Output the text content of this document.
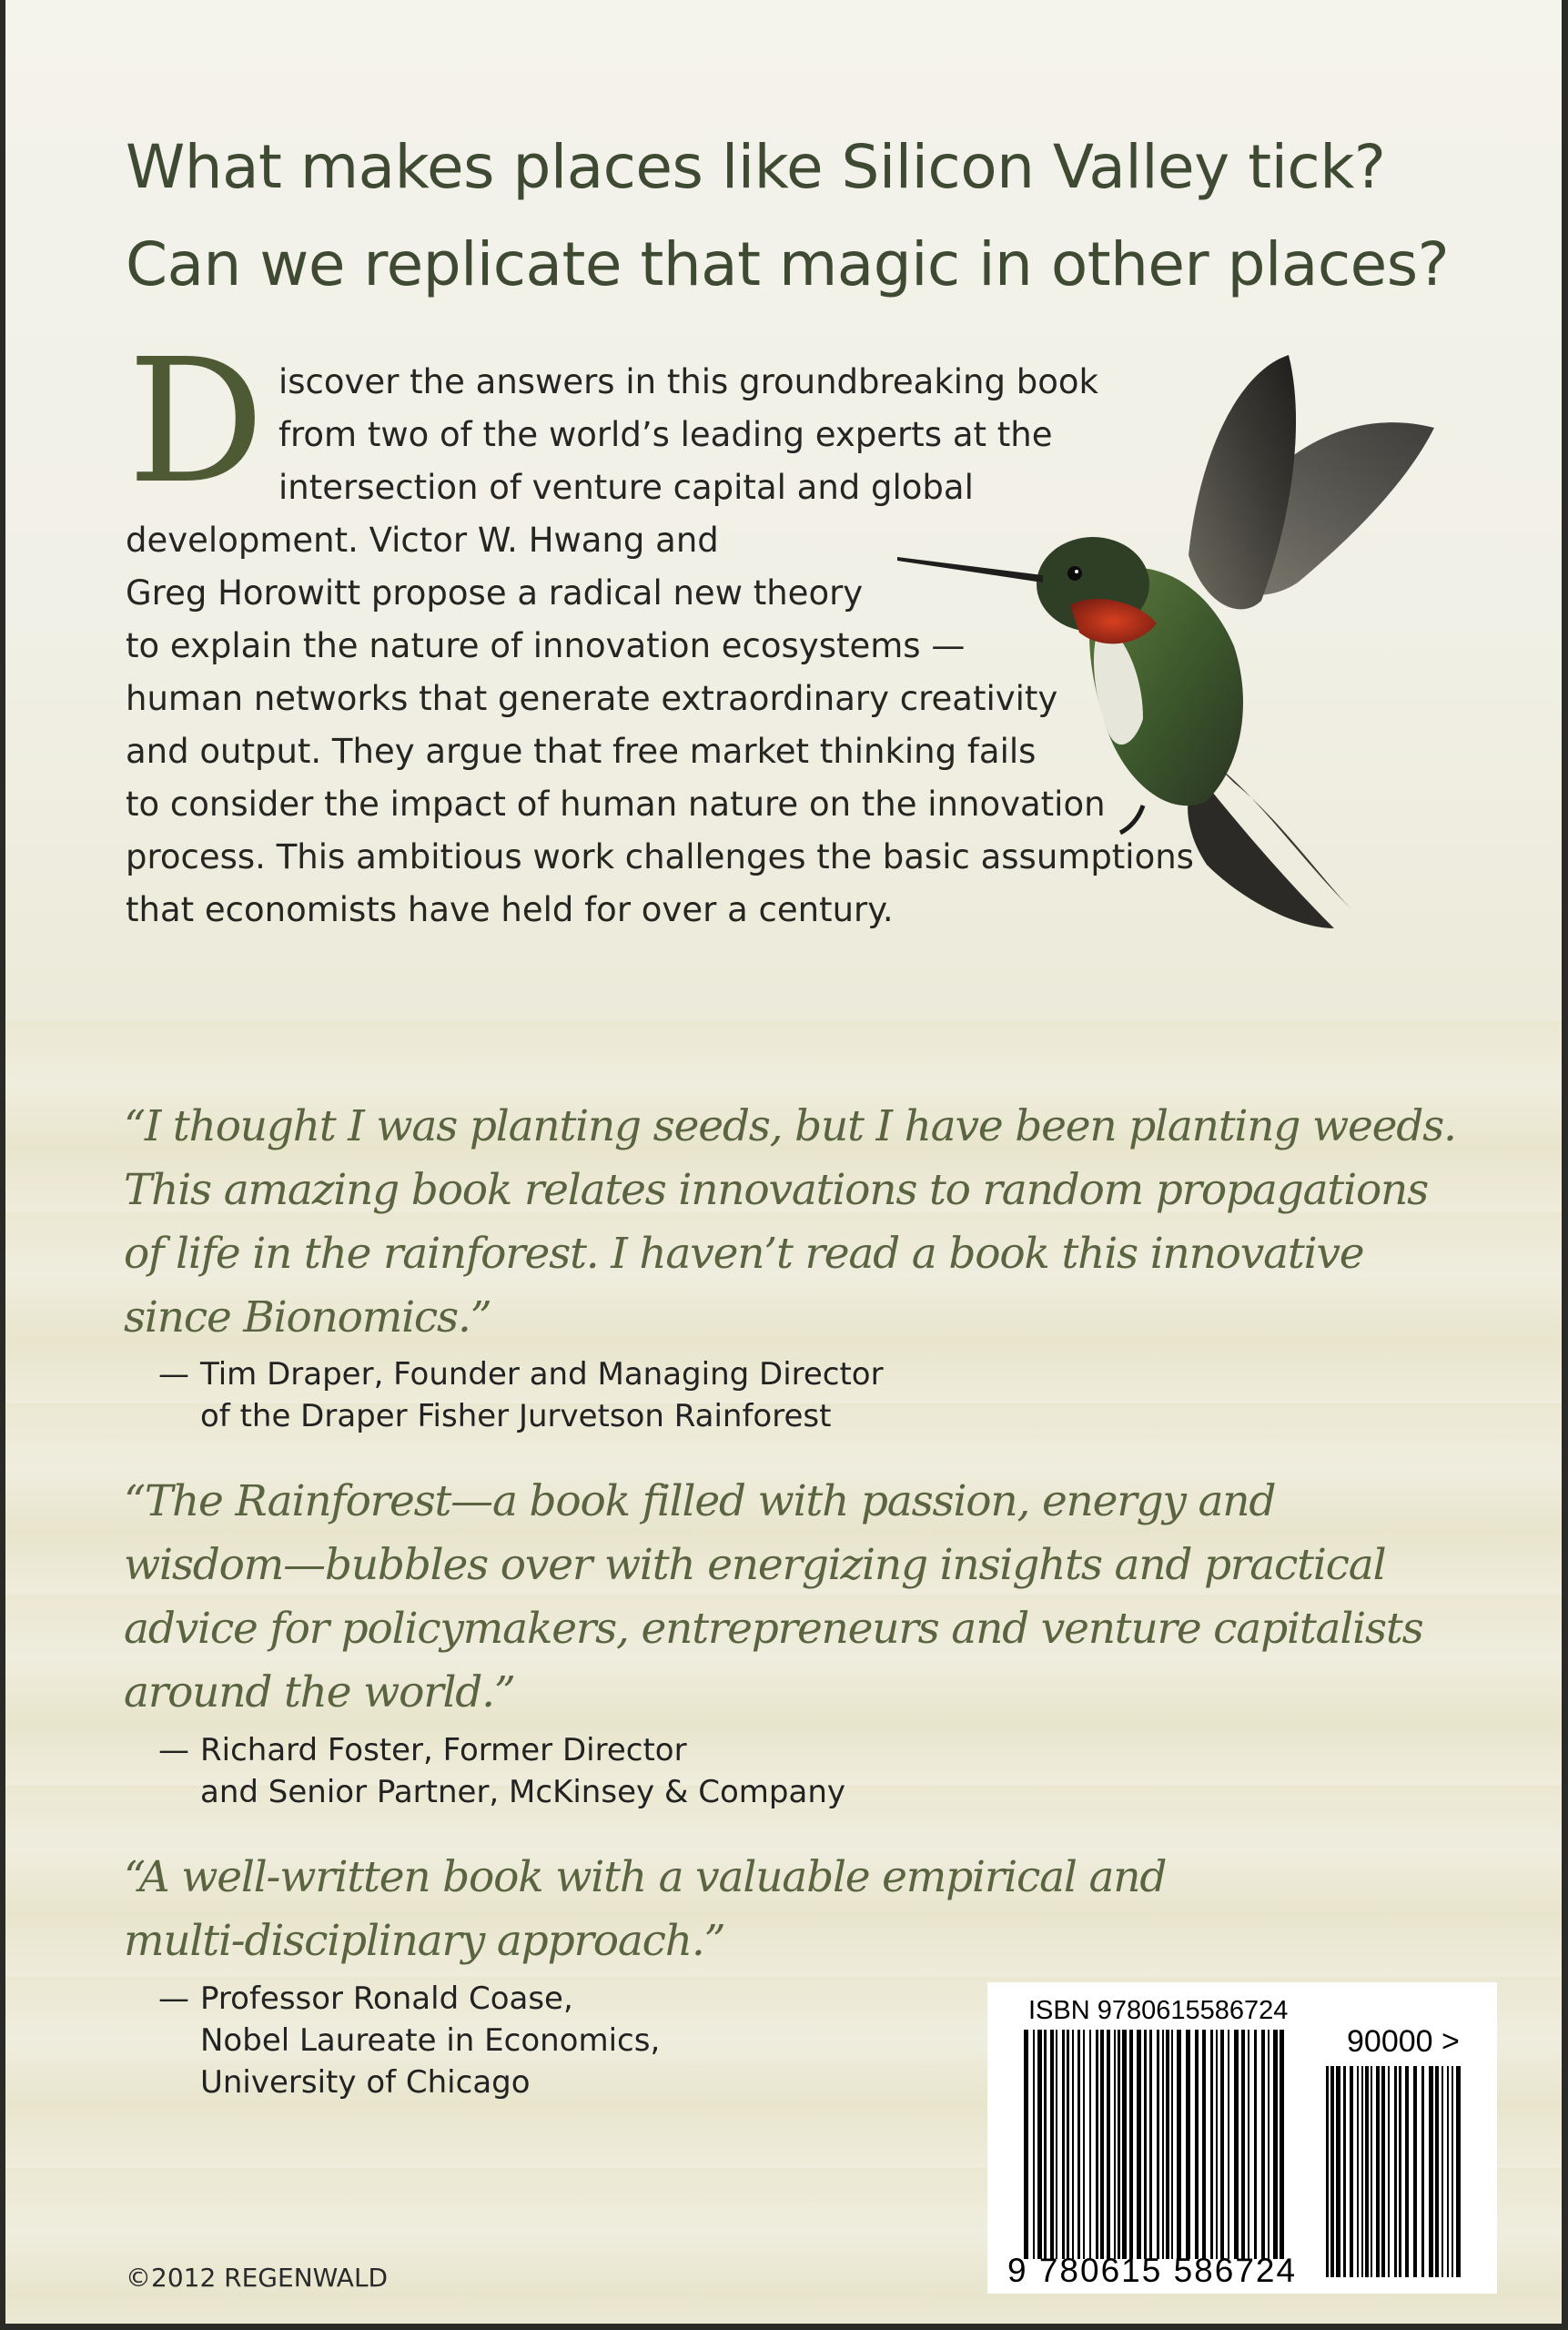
What makes places like Silicon Valley tick?
Can we replicate that magic in other places?
D iscover the answers in this groundbreaking book

from two of the world’s leading experts at the

intersection of venture capital and global

development. Victor W. Hwang and

Greg Horowitt propose a radical new theory

to explain the nature of innovation ecosystems —

human networks that generate extraordinary creativity

and output. They argue that free market thinking fails

to consider the impact of human nature on the innovation

process. This ambitious work challenges the basic assumptions

that economists have held for over a century.

“I thought I was planting seeds, but I have been planting weeds.

This amazing book relates innovations to random propagations

of life in the rainforest. I haven’t read a book this innovative

since Bionomics.”

— Tim Draper, Founder and Managing Director

of the Draper Fisher Jurvetson Rainforest

“The Rainforest—a book filled with passion, energy and

wisdom—bubbles over with energizing insights and practical

advice for policymakers, entrepreneurs and venture capitalists

around the world.”

— Richard Foster, Former Director

and Senior Partner, McKinsey & Company

“A well-written book with a valuable empirical and

multi-disciplinary approach.”

— Professor Ronald Coase,

Nobel Laureate in Economics,

University of Chicago

ISBN 9780615586724

90000 >

9 780615 586724

©2012 REGENWALD
